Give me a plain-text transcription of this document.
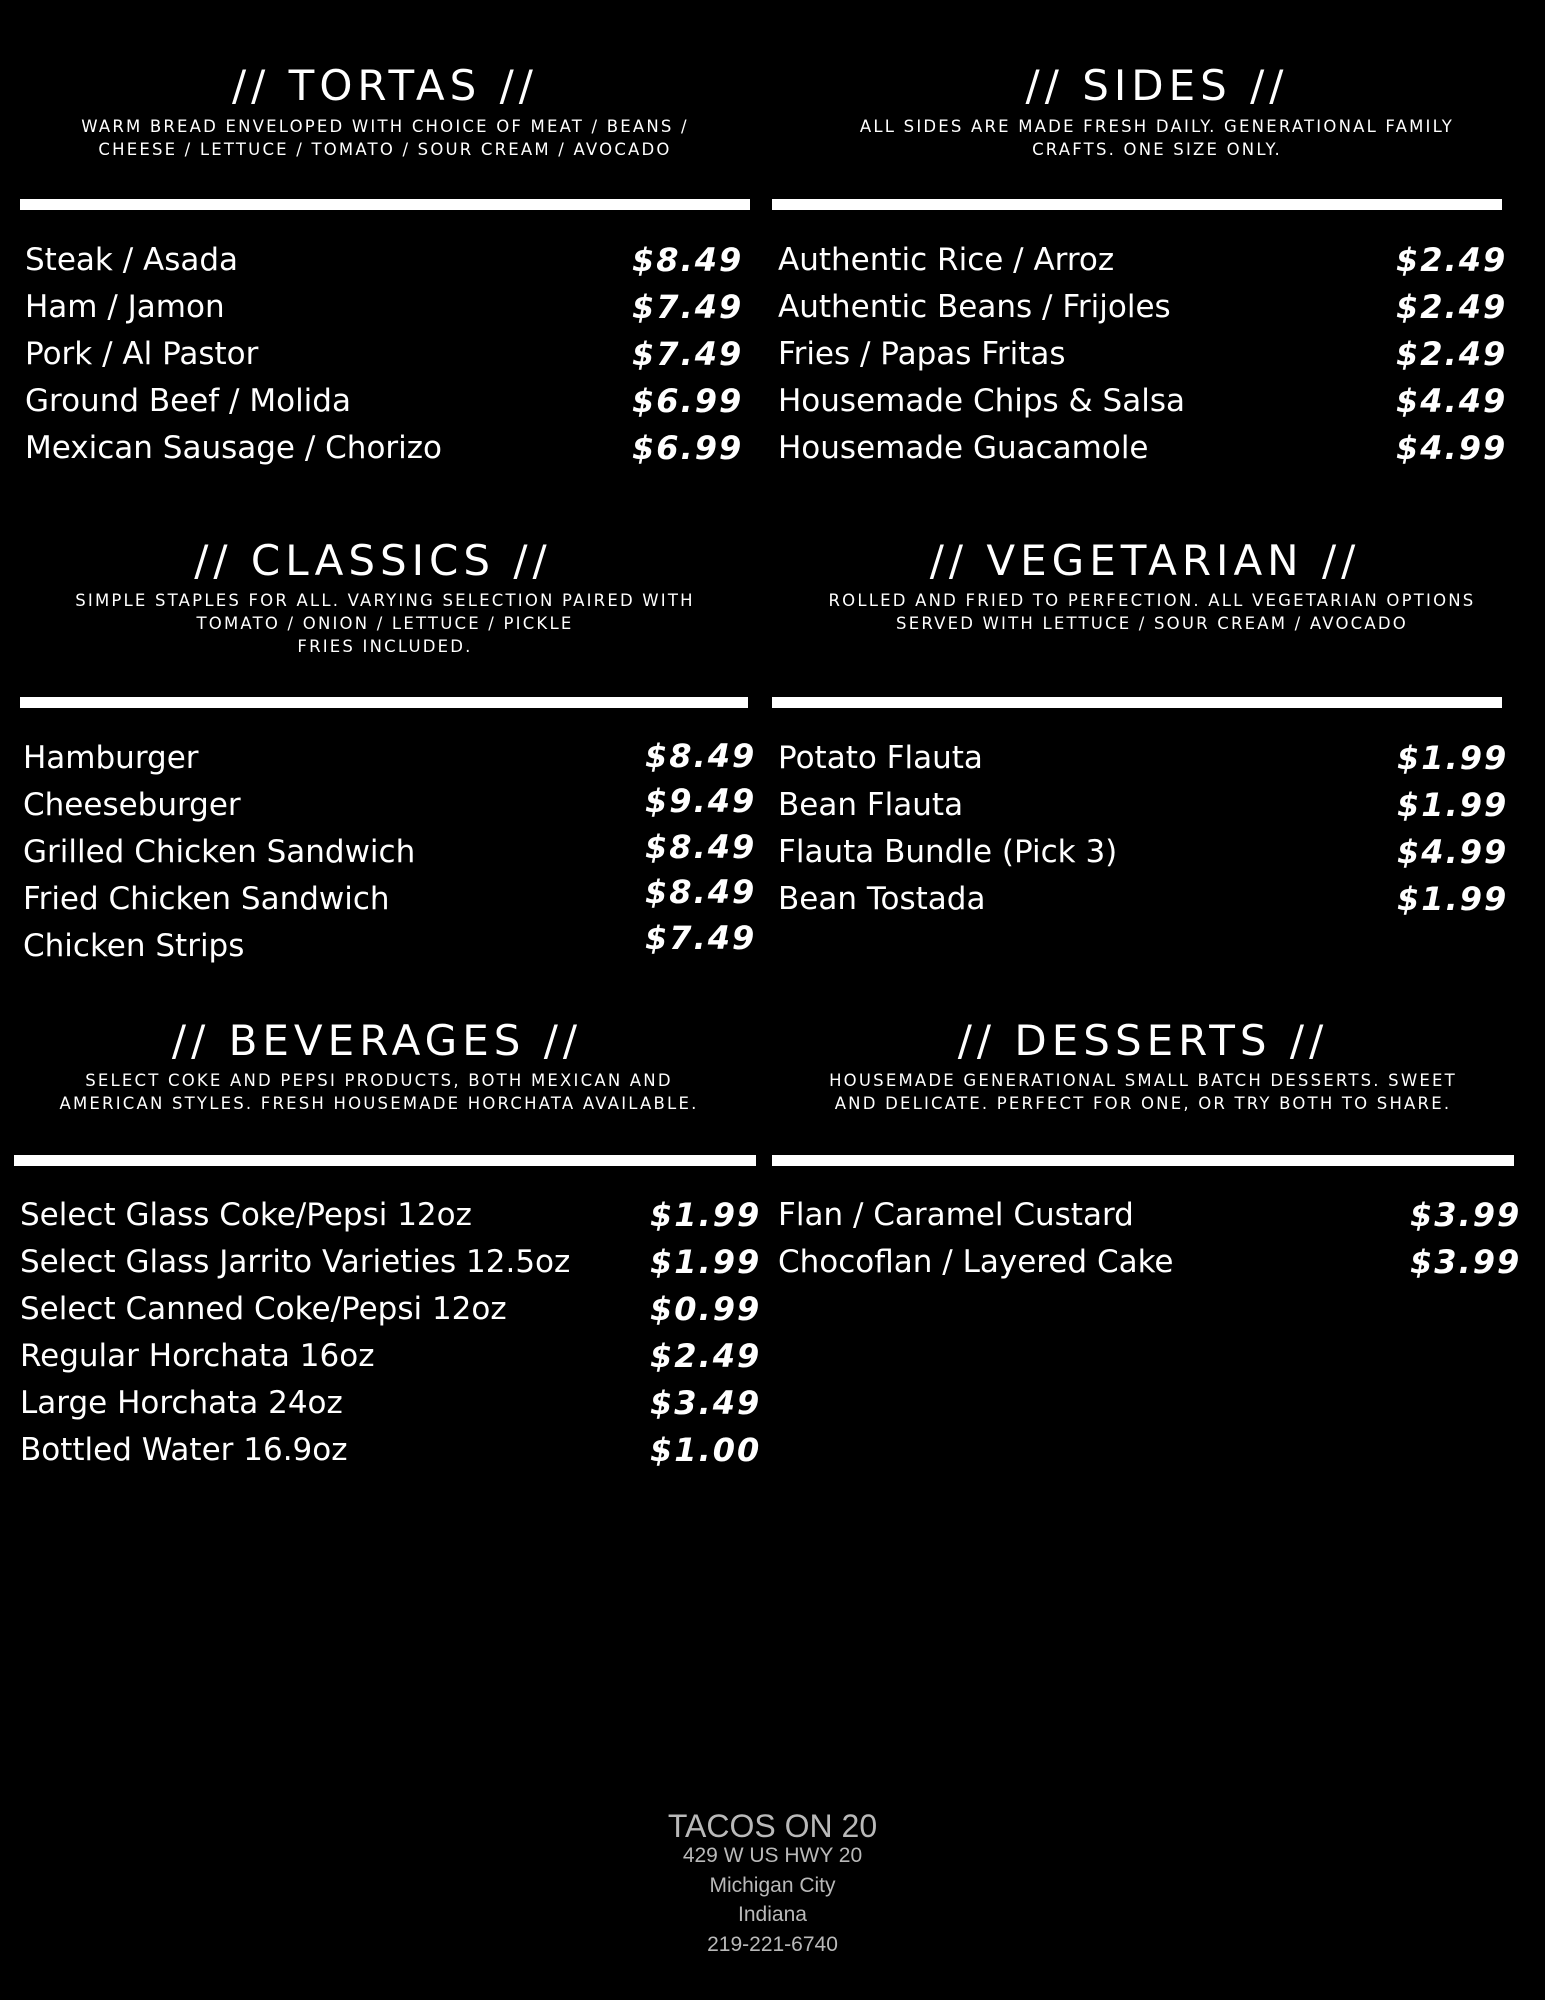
// TORTAS //
WARM BREAD ENVELOPED WITH CHOICE OF MEAT / BEANS /
CHEESE / LETTUCE / TOMATO / SOUR CREAM / AVOCADO
Steak / Asada	$8.49
Ham / Jamon	$7.49
Pork / Al Pastor	$7.49
Ground Beef / Molida	$6.99
Mexican Sausage / Chorizo	$6.99
// SIDES //
ALL SIDES ARE MADE FRESH DAILY. GENERATIONAL FAMILY
CRAFTS. ONE SIZE ONLY.
Authentic Rice / Arroz	$2.49
Authentic Beans / Frijoles	$2.49
Fries / Papas Fritas	$2.49
Housemade Chips & Salsa	$4.49
Housemade Guacamole	$4.99
// CLASSICS //
SIMPLE STAPLES FOR ALL. VARYING SELECTION PAIRED WITH
TOMATO / ONION / LETTUCE / PICKLE
FRIES INCLUDED.
Hamburger	$8.49
Cheeseburger	$9.49
Grilled Chicken Sandwich	$8.49
Fried Chicken Sandwich	$8.49
Chicken Strips	$7.49
// VEGETARIAN //
ROLLED AND FRIED TO PERFECTION. ALL VEGETARIAN OPTIONS
SERVED WITH LETTUCE / SOUR CREAM / AVOCADO
Potato Flauta	$1.99
Bean Flauta	$1.99
Flauta Bundle (Pick 3)	$4.99
Bean Tostada	$1.99
// BEVERAGES //
SELECT COKE AND PEPSI PRODUCTS, BOTH MEXICAN AND
AMERICAN STYLES. FRESH HOUSEMADE HORCHATA AVAILABLE.
Select Glass Coke/Pepsi 12oz	$1.99
Select Glass Jarrito Varieties 12.5oz $1.99
Select Canned Coke/Pepsi 12oz	$0.99
Regular Horchata 16oz	$2.49
Large Horchata 24oz	$3.49
Bottled Water 16.9oz	$1.00
// DESSERTS //
HOUSEMADE GENERATIONAL SMALL BATCH DESSERTS. SWEET
AND DELICATE. PERFECT FOR ONE, OR TRY BOTH TO SHARE.
Flan / Caramel Custard	$3.99
Chocoflan / Layered Cake	$3.99
TACOS ON 20
429 W US HWY 20
Michigan City
Indiana
219-221-6740
